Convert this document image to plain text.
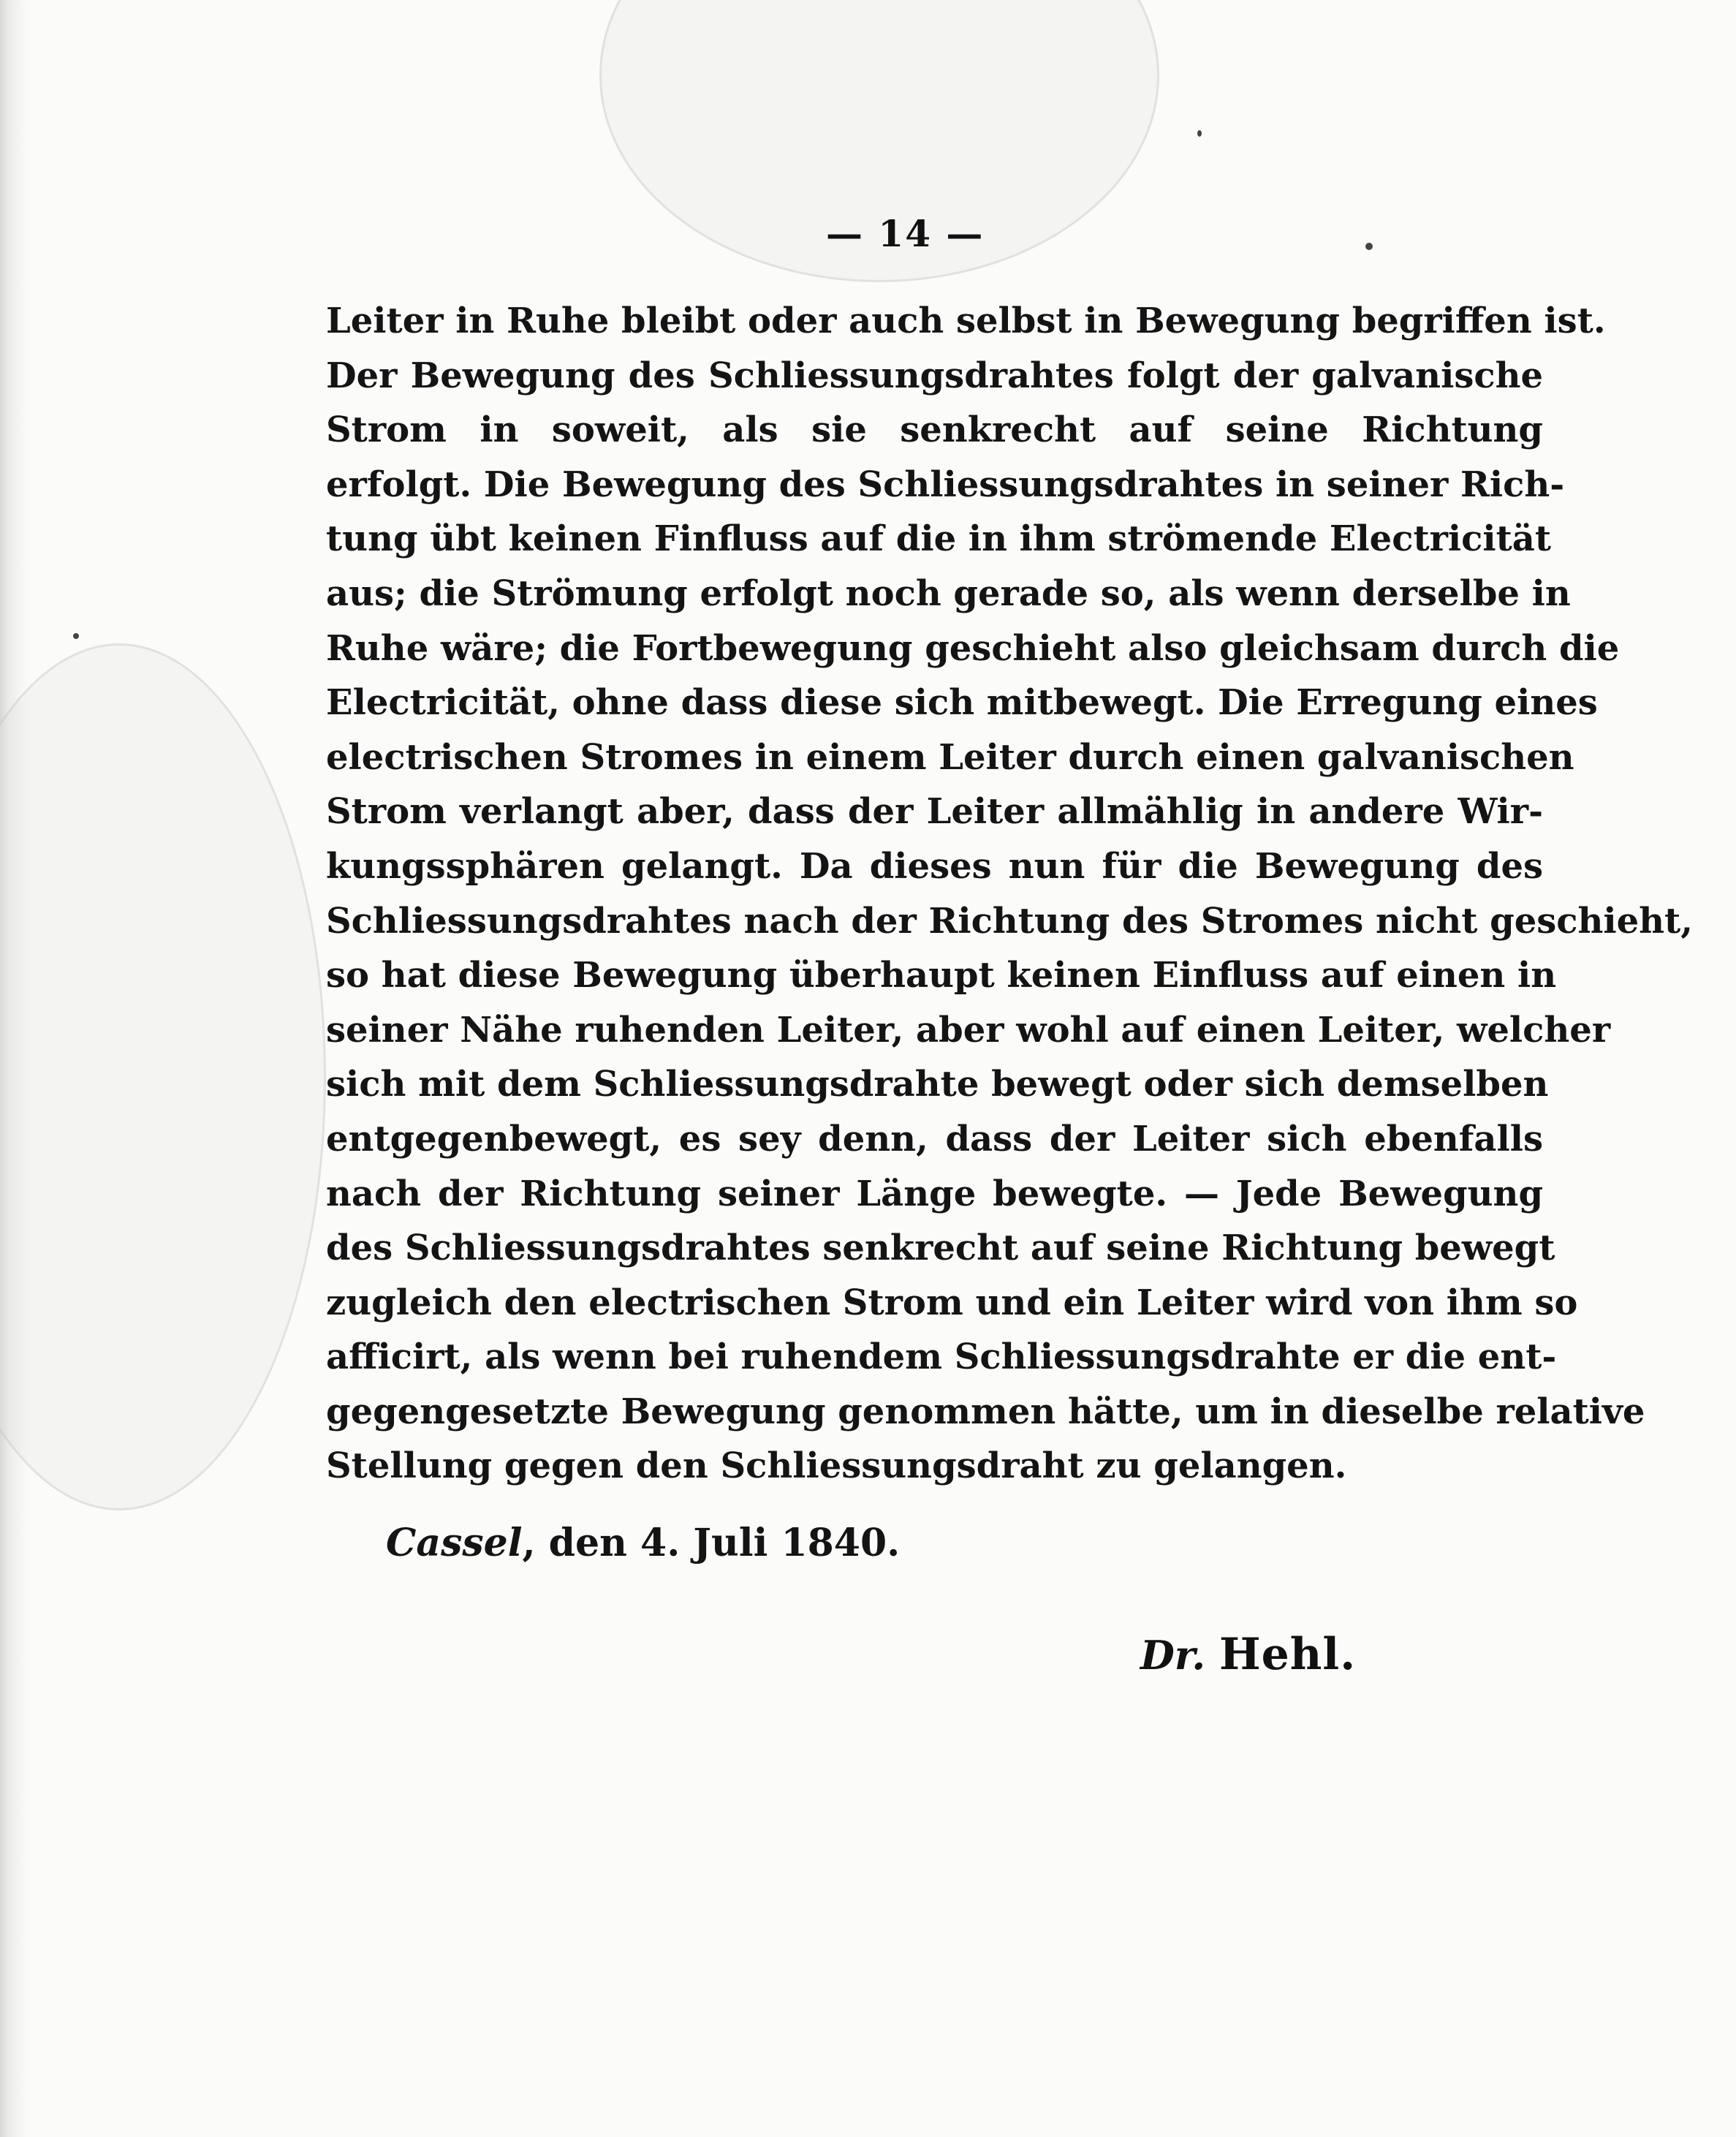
— 14 —
Leiter in Ruhe bleibt oder auch selbst in Bewegung begriffen ist.
Der Bewegung des Schliessungsdrahtes folgt der galvanische
Strom in soweit, als sie senkrecht auf seine Richtung
erfolgt. Die Bewegung des Schliessungsdrahtes in seiner Rich-
tung übt keinen Finfluss auf die in ihm strömende Electricität
aus; die Strömung erfolgt noch gerade so, als wenn derselbe in
Ruhe wäre; die Fortbewegung geschieht also gleichsam durch die
Electricität, ohne dass diese sich mitbewegt. Die Erregung eines
electrischen Stromes in einem Leiter durch einen galvanischen
Strom verlangt aber, dass der Leiter allmählig in andere Wir-
kungssphären gelangt. Da dieses nun für die Bewegung des
Schliessungsdrahtes nach der Richtung des Stromes nicht geschieht,
so hat diese Bewegung überhaupt keinen Einfluss auf einen in
seiner Nähe ruhenden Leiter, aber wohl auf einen Leiter, welcher
sich mit dem Schliessungsdrahte bewegt oder sich demselben
entgegenbewegt, es sey denn, dass der Leiter sich ebenfalls
nach der Richtung seiner Länge bewegte. — Jede Bewegung
des Schliessungsdrahtes senkrecht auf seine Richtung bewegt
zugleich den electrischen Strom und ein Leiter wird von ihm so
afficirt, als wenn bei ruhendem Schliessungsdrahte er die ent-
gegengesetzte Bewegung genommen hätte, um in dieselbe relative
Stellung gegen den Schliessungsdraht zu gelangen.
Cassel, den 4. Juli 1840.
Dr. Hehl.
